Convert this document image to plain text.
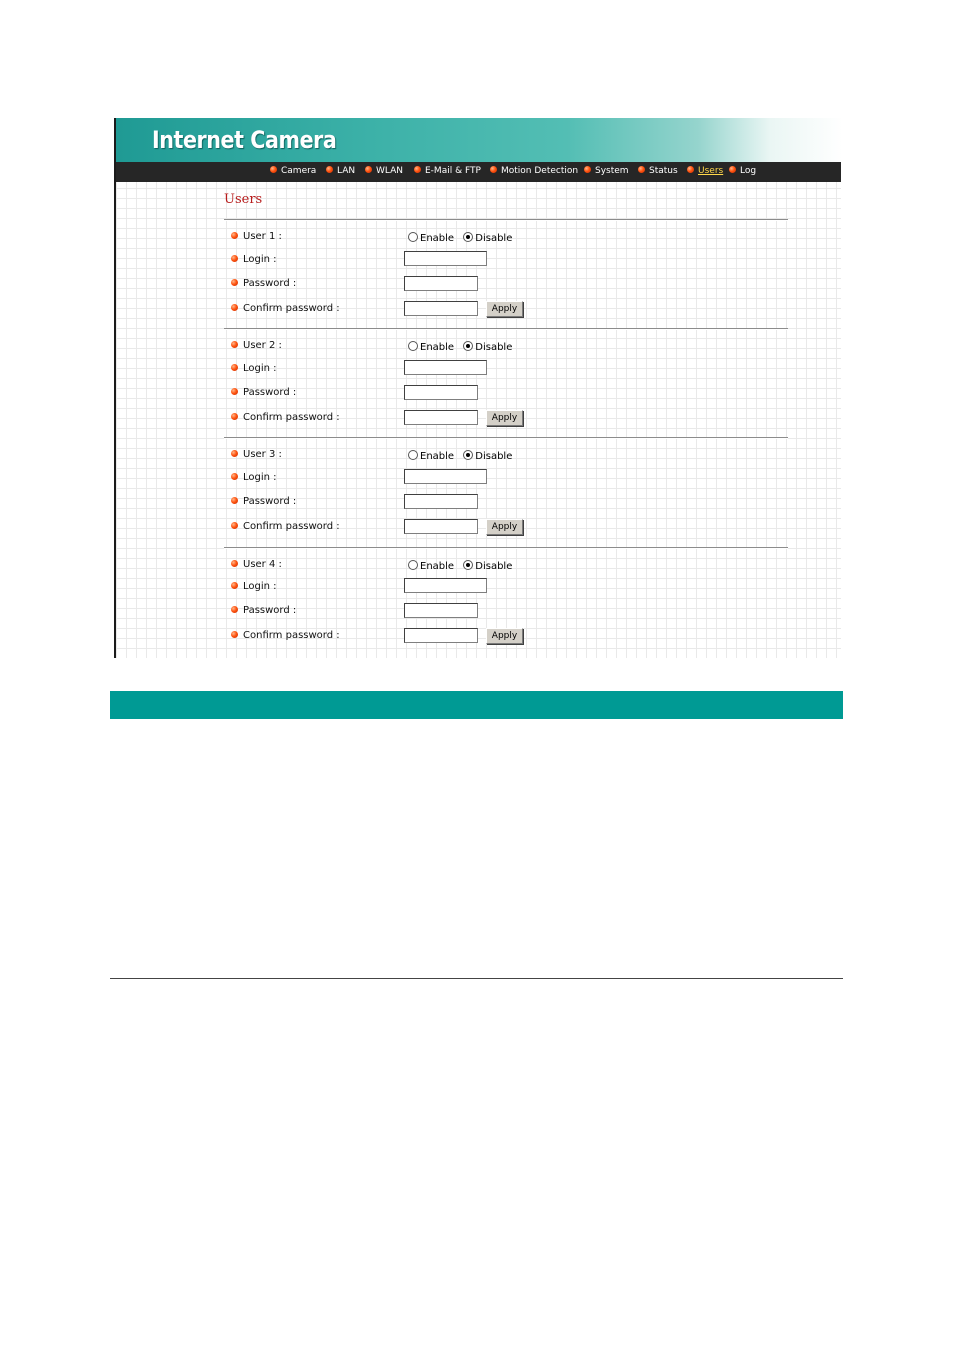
Internet Camera
Camera	LAN	WLAN	E-Mail & FTP	Motion Detection	System	Status	Users	Log
Users
User 1 :	Enable Disable
Login :
Password :
Confirm password :	Apply
User 2 :	Enable Disable
Login :
Password :
Confirm password :	Apply
User 3 :	Enable Disable
Login :
Password :
Confirm password :	Apply
User 4 :	Enable Disable
Login :
Password :
Confirm password :	Apply
